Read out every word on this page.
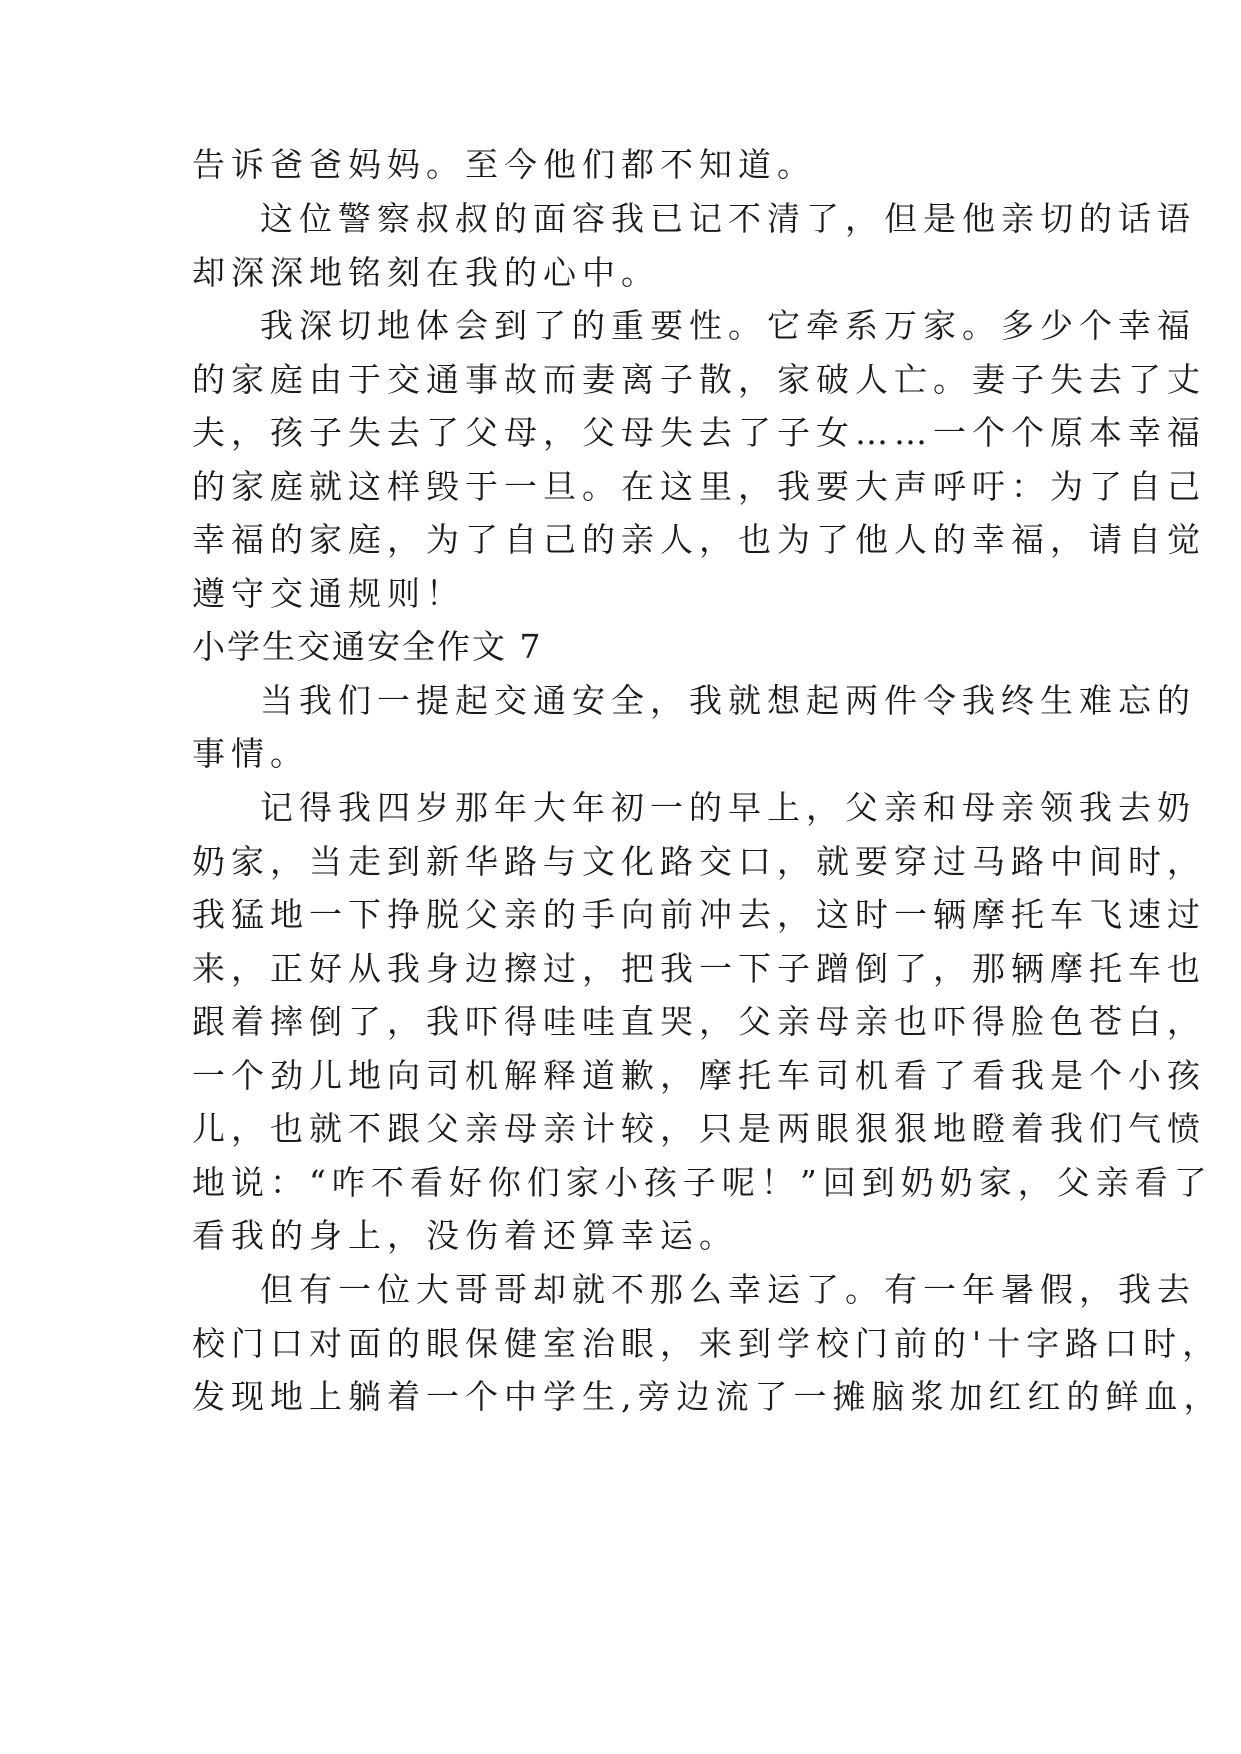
告诉爸爸妈妈。至今他们都不知道。
这位警察叔叔的面容我已记不清了，但是他亲切的话语
却深深地铭刻在我的心中。
我深切地体会到了的重要性。它牵系万家。多少个幸福
的家庭由于交通事故而妻离子散，家破人亡。妻子失去了丈
夫，孩子失去了父母，父母失去了子女……一个个原本幸福
的家庭就这样毁于一旦。在这里，我要大声呼吁：为了自己
幸福的家庭，为了自己的亲人，也为了他人的幸福，请自觉
遵守交通规则！
小学生交通安全作文 7
当我们一提起交通安全，我就想起两件令我终生难忘的
事情。
记得我四岁那年大年初一的早上，父亲和母亲领我去奶
奶家，当走到新华路与文化路交口，就要穿过马路中间时，
我猛地一下挣脱父亲的手向前冲去，这时一辆摩托车飞速过
来，正好从我身边擦过，把我一下子蹭倒了，那辆摩托车也
跟着摔倒了，我吓得哇哇直哭，父亲母亲也吓得脸色苍白，
一个劲儿地向司机解释道歉，摩托车司机看了看我是个小孩
儿，也就不跟父亲母亲计较，只是两眼狠狠地瞪着我们气愤
地说：“咋不看好你们家小孩子呢！”回到奶奶家，父亲看了
看我的身上，没伤着还算幸运。
但有一位大哥哥却就不那么幸运了。有一年暑假，我去
校门口对面的眼保健室治眼，来到学校门前的'十字路口时，
发现地上躺着一个中学生,旁边流了一摊脑浆加红红的鲜血，
